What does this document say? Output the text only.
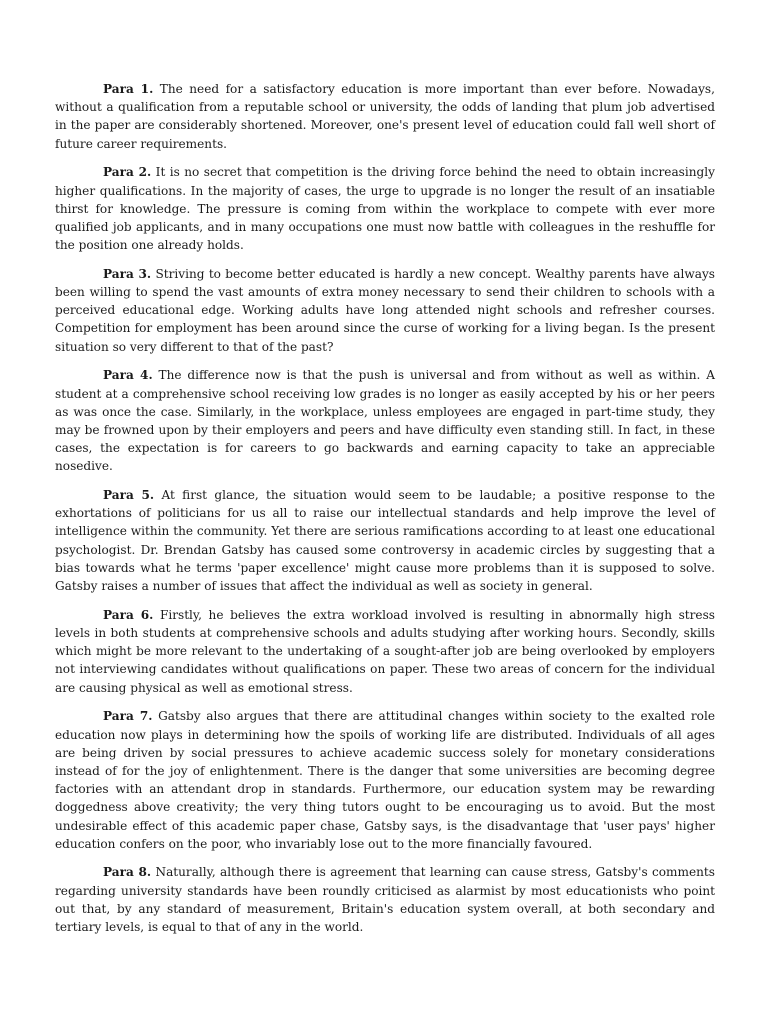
Para 1. The need for a satisfactory education is more important than ever before. Nowadays, without a qualification from a reputable school or university, the odds of landing that plum job advertised in the paper are considerably shortened. Moreover, one's present level of education could fall well short of future career requirements.

Para 2. It is no secret that competition is the driving force behind the need to obtain increasingly higher qualifications. In the majority of cases, the urge to upgrade is no longer the result of an insatiable thirst for knowledge. The pressure is coming from within the workplace to compete with ever more qualified job applicants, and in many occupations one must now battle with colleagues in the reshuffle for the position one already holds.

Para 3. Striving to become better educated is hardly a new concept. Wealthy parents have always been willing to spend the vast amounts of extra money necessary to send their children to schools with a perceived educational edge. Working adults have long attended night schools and refresher courses. Competition for employment has been around since the curse of working for a living began. Is the present situation so very different to that of the past?

Para 4. The difference now is that the push is universal and from without as well as within. A student at a comprehensive school receiving low grades is no longer as easily accepted by his or her peers as was once the case. Similarly, in the workplace, unless employees are engaged in part-time study, they may be frowned upon by their employers and peers and have difficulty even standing still. In fact, in these cases, the expectation is for careers to go backwards and earning capacity to take an appreciable nosedive.

Para 5. At first glance, the situation would seem to be laudable; a positive response to the exhortations of politicians for us all to raise our intellectual standards and help improve the level of intelligence within the community. Yet there are serious ramifications according to at least one educational psychologist. Dr. Brendan Gatsby has caused some controversy in academic circles by suggesting that a bias towards what he terms 'paper excellence' might cause more problems than it is supposed to solve. Gatsby raises a number of issues that affect the individual as well as society in general.

Para 6. Firstly, he believes the extra workload involved is resulting in abnormally high stress levels in both students at comprehensive schools and adults studying after working hours. Secondly, skills which might be more relevant to the undertaking of a sought-after job are being overlooked by employers not interviewing candidates without qualifications on paper. These two areas of concern for the individual are causing physical as well as emotional stress.

Para 7. Gatsby also argues that there are attitudinal changes within society to the exalted role education now plays in determining how the spoils of working life are distributed. Individuals of all ages are being driven by social pressures to achieve academic success solely for monetary considerations instead of for the joy of enlightenment. There is the danger that some universities are becoming degree factories with an attendant drop in standards. Furthermore, our education system may be rewarding doggedness above creativity; the very thing tutors ought to be encouraging us to avoid. But the most undesirable effect of this academic paper chase, Gatsby says, is the disadvantage that 'user pays' higher education confers on the poor, who invariably lose out to the more financially favoured.

Para 8. Naturally, although there is agreement that learning can cause stress, Gatsby's comments regarding university standards have been roundly criticised as alarmist by most educationists who point out that, by any standard of measurement, Britain's education system overall, at both secondary and tertiary levels, is equal to that of any in the world.
